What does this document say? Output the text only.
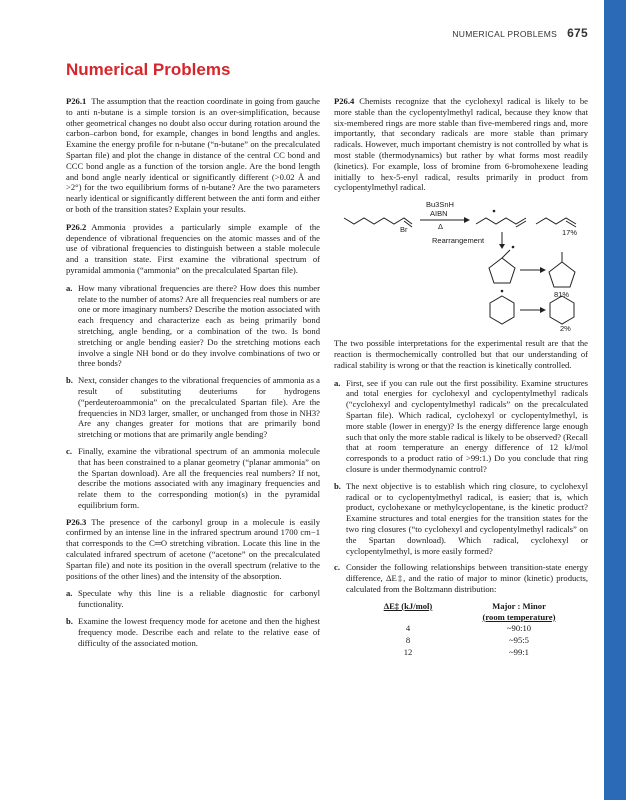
NUMERICAL PROBLEMS 675
Numerical Problems

P26.1 The assumption that the reaction coordinate in going from gauche to anti n-butane is a simple torsion is an over-simplification, because other geometrical changes no doubt also occur during rotation around the carbon–carbon bond, for example, changes in bond lengths and angles. Examine the energy profile for n-butane (“n-butane” on the precalculated Spartan file) and plot the change in distance of the central CC bond and CCC bond angle as a function of the torsion angle. Are the bond length and bond angle nearly identical or significantly different (>0.02 Å and >2°) for the two equilibrium forms of n-butane? Are the two parameters nearly identical or significantly different between the anti form and either or both of the transition states? Explain your results.

P26.2 Ammonia provides a particularly simple example of the dependence of vibrational frequencies on the atomic masses and of the use of vibrational frequencies to distinguish between a stable molecule and a transition state. First examine the vibrational spectrum of pyramidal ammonia (“ammonia” on the precalculated Spartan file).

a. How many vibrational frequencies are there? How does this number relate to the number of atoms? Are all frequencies real numbers or are one or more imaginary numbers? Describe the motion associated with each frequency and characterize each as being primarily bond stretching, angle bending, or a combination of the two. Is bond stretching or angle bending easier? Do the stretching motions each involve a single NH bond or do they involve combinations of two or three bonds?
b. Next, consider changes to the vibrational frequencies of ammonia as a result of substituting deuteriums for hydrogens (“perdeuteroammonia” on the precalculated Spartan file). Are the frequencies in ND3 larger, smaller, or unchanged from those in NH3? Are any changes greater for motions that are primarily bond stretching or motions that are primarily angle bending?
c. Finally, examine the vibrational spectrum of an ammonia molecule that has been constrained to a planar geometry (“planar ammonia” on the Spartan download). Are all the frequencies real numbers? If not, describe the motions associated with any imaginary frequencies and relate them to the corresponding motion(s) in the pyramidal equilibrium form.

P26.3 The presence of the carbonyl group in a molecule is easily confirmed by an intense line in the infrared spectrum around 1700 cm−1 that corresponds to the C═O stretching vibration. Locate this line in the calculated infrared spectrum of acetone (“acetone” on the precalculated Spartan file) and note its position in the overall spectrum (relative to the positions of the other lines) and the intensity of the absorption.

a. Speculate why this line is a reliable diagnostic for carbonyl functionality.
b. Examine the lowest frequency mode for acetone and then the highest frequency mode. Describe each and relate to the relative ease of difficulty of the associated motion.

P26.4 Chemists recognize that the cyclohexyl radical is likely to be more stable than the cyclopentylmethyl radical, because they know that six-membered rings are more stable than five-membered rings and, more importantly, that secondary radicals are more stable than primary radicals. However, much important chemistry is not controlled by what is most stable (thermodynamics) but rather by what forms most readily (kinetics). For example, loss of bromine from 6-bromohexene leading initially to hex-5-enyl radical, results primarily in product from cyclopentylmethyl radical.

Bu3SnH
AIBN
Δ
Br
Rearrangement
17%
81%
2%

The two possible interpretations for the experimental result are that the reaction is thermochemically controlled but that our understanding of radical stability is wrong or that the reaction is kinetically controlled.

a. First, see if you can rule out the first possibility. Examine structures and total energies for cyclohexyl and cyclopentylmethyl radicals (“cyclohexyl and cyclopentylmethyl radicals” on the precalculated Spartan file). Which radical, cyclohexyl or cyclopentylmethyl, is more stable (lower in energy)? Is the energy difference large enough such that only the more stable radical is likely to be observed? (Recall that at room temperature an energy difference of 12 kJ/mol corresponds to a product ratio of >99:1.) Do you conclude that ring closure is under thermodynamic control?
b. The next objective is to establish which ring closure, to cyclohexyl radical or to cyclopentylmethyl radical, is easier; that is, which product, cyclohexane or methylcyclopentane, is the kinetic product? Examine structures and total energies for the transition states for the two ring closures (“to cyclohexyl and cyclopentylmethyl radicals” on the Spartan download). Which radical, cyclohexyl or cyclopentylmethyl, is more easily formed?
c. Consider the following relationships between transition-state energy difference, ΔE‡, and the ratio of major to minor (kinetic) products, calculated from the Boltzmann distribution:
ΔE‡ (kJ/mol)	Major : Minor
(room temperature)
4	~90:10
8	~95:5
12	~99:1
